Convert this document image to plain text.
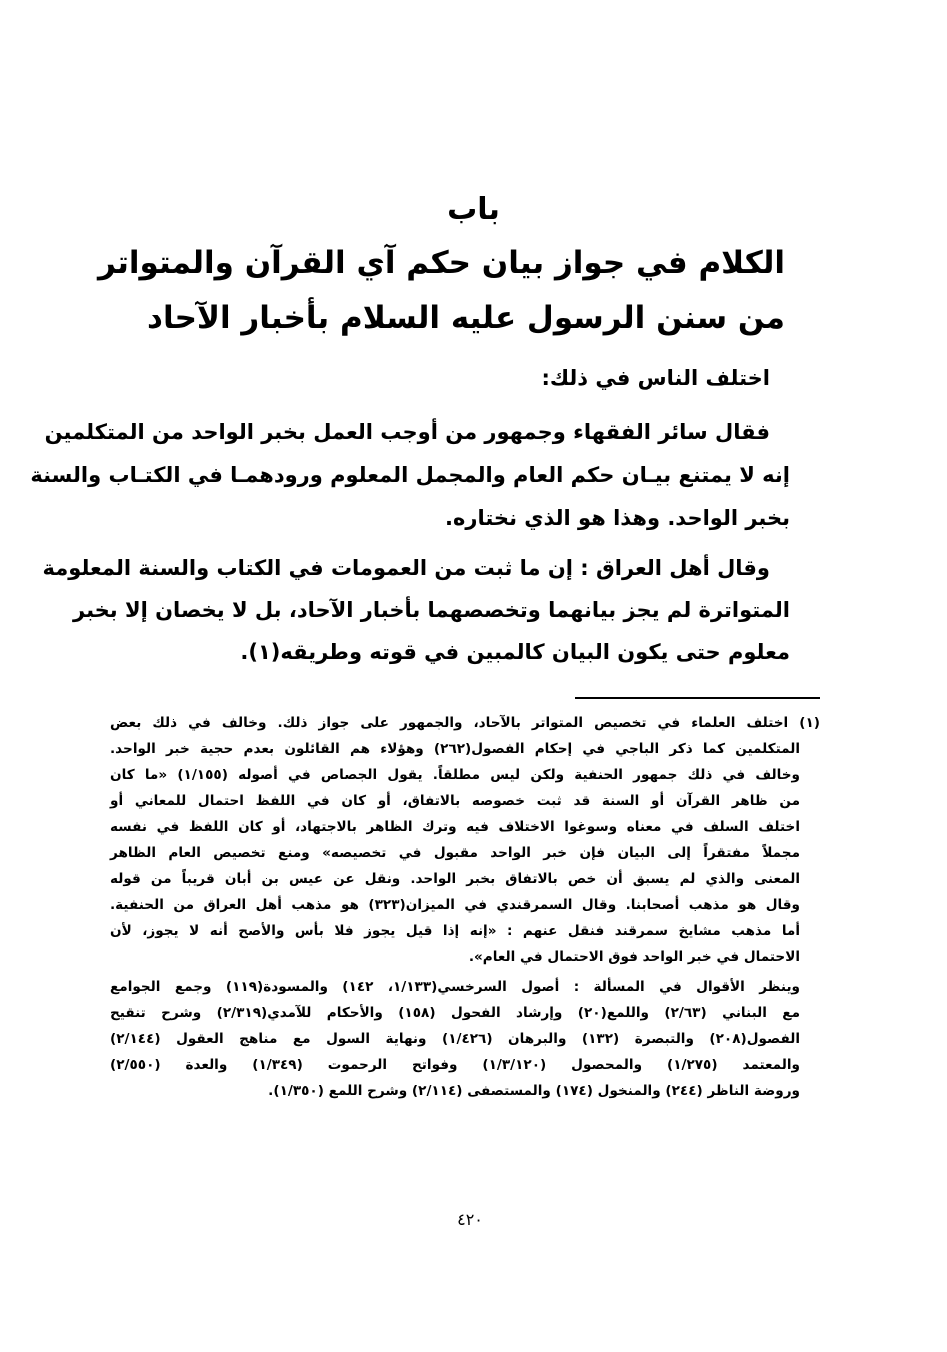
باب
الكلام في جواز بيان حكم آي القرآن والمتواتر
من سنن الرسول عليه السلام بأخبار الآحاد
اختلف الناس في ذلك:
فقال سائر الفقهاء وجمهور من أوجب العمل بخبر الواحد من المتكلمين
إنه لا يمتنع بيـان حكم العام والمجمل المعلوم ورودهمـا في الكتـاب والسنة
بخبر الواحد. وهذا هو الذي نختاره.
وقال أهل العراق : إن ما ثبت من العمومات في الكتاب والسنة المعلومة
المتواترة لم يجز بيانهما وتخصصهما بأخبار الآحاد، بل لا يخصان إلا بخبر
معلوم حتى يكون البيان كالمبين في قوته وطريقه(١).
(١) اختلف العلماء في تخصيص المتواتر بالآحاد، والجمهور على جواز ذلك. وخالف في ذلك بعض
المتكلمين كما ذكر الباجي في إحكام الفصول(٢٦٢) وهؤلاء هم القائلون بعدم حجية خبر الواحد.
وخالف في ذلك جمهور الحنفية ولكن ليس مطلقاً. يقول الجصاص في أصوله (١/١٥٥) «ما كان
من ظاهر القرآن أو السنة قد ثبت خصوصه بالاتفاق، أو كان في اللفظ احتمال للمعاني أو
اختلف السلف في معناه وسوغوا الاختلاف فيه وترك الظاهر بالاجتهاد، أو كان اللفظ في نفسه
مجملاً مفتقراً إلى البيان فإن خبر الواحد مقبول في تخصيصه» ومنع تخصيص العام الظاهر
المعنى والذي لم يسبق أن خص بالاتفاق بخبر الواحد. ونقل عن عيس بن أبان قريباً من قوله
وقال هو مذهب أصحابنا. وقال السمرقندي في الميزان(٣٢٣) هو مذهب أهل العراق من الحنفية.
أما مذهب مشايخ سمرقند فنقل عنهم : «إنه إذا قيل يجوز فلا بأس والأصح أنه لا يجوز، لأن
الاحتمال في خبر الواحد فوق الاحتمال في العام».
وينظر الأقوال في المسألة : أصول السرخسي(١/١٣٣، ١٤٢) والمسودة(١١٩) وجمع الجوامع
مع البناني (٢/٦٣) واللمع(٢٠) وإرشاد الفحول (١٥٨) والأحكام للآمدي(٢/٣١٩) وشرح تنقيح
الفصول(٢٠٨) والتبصرة (١٣٢) والبرهان (١/٤٢٦) ونهاية السول مع مناهج العقول (٢/١٤٤)
والمعتمد (١/٢٧٥) والمحصول (١/٣/١٢٠) وفواتح الرحموت (١/٣٤٩) والعدة (٢/٥٥٠)
وروضة الناظر (٢٤٤) والمنخول (١٧٤) والمستصفى (٢/١١٤) وشرح اللمع (١/٣٥٠).
٤٢٠
